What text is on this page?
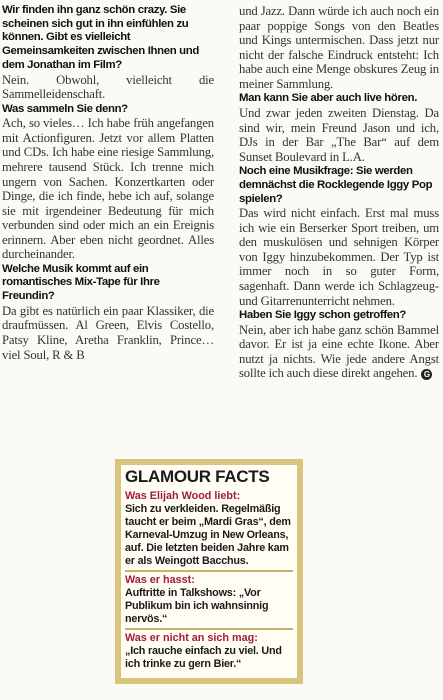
Wir finden ihn ganz schön crazy. Sie scheinen sich gut in ihn einfühlen zu können. Gibt es vielleicht Gemeinsamkeiten zwischen Ihnen und dem Jonathan im Film?

Nein. Obwohl, vielleicht die Sammelleidenschaft.

Was sammeln Sie denn?

Ach, so vieles… Ich habe früh angefangen mit Actionfiguren. Jetzt vor allem Platten und CDs. Ich habe eine riesige Sammlung, mehrere tausend Stück. Ich trenne mich ungern von Sachen. Konzertkarten oder Dinge, die ich finde, hebe ich auf, solange sie mit irgendeiner Bedeutung für mich verbunden sind oder mich an ein Ereignis erinnern. Aber eben nicht geordnet. Alles durcheinander.

Welche Musik kommt auf ein romantisches Mix-Tape für Ihre Freundin?

Da gibt es natürlich ein paar Klassiker, die draufmüssen. Al Green, Elvis Costello, Patsy Kline, Aretha Franklin, Prince… viel Soul, R & B

und Jazz. Dann würde ich auch noch ein paar poppige Songs von den Beatles und Kings untermischen. Dass jetzt nur nicht der falsche Eindruck entsteht: Ich habe auch eine Menge obskures Zeug in meiner Sammlung.

Man kann Sie aber auch live hören.

Und zwar jeden zweiten Dienstag. Da sind wir, mein Freund Jason und ich, DJs in der Bar „The Bar“ auf dem Sunset Boulevard in L.A.

Noch eine Musikfrage: Sie werden demnächst die Rocklegende Iggy Pop spielen?

Das wird nicht einfach. Erst mal muss ich wie ein Berserker Sport treiben, um den muskulösen und sehnigen Körper von Iggy hinzubekommen. Der Typ ist immer noch in so guter Form, sagenhaft. Dann werde ich Schlagzeug- und Gitarrenunterricht nehmen.

Haben Sie Iggy schon getroffen?

Nein, aber ich habe ganz schön Bammel davor. Er ist ja eine echte Ikone. Aber nutzt ja nichts. Wie jede andere Angst sollte ich auch diese direkt angehen. G

GLAMOUR FACTS

Was Elijah Wood liebt:

Sich zu verkleiden. Regelmäßig taucht er beim „Mardi Gras“, dem Karneval-Umzug in New Orleans, auf. Die letzten beiden Jahre kam er als Weingott Bacchus.

Was er hasst:

Auftritte in Talkshows: „Vor Publikum bin ich wahnsinnig nervös.“

Was er nicht an sich mag:

„Ich rauche einfach zu viel. Und ich trinke zu gern Bier.“
